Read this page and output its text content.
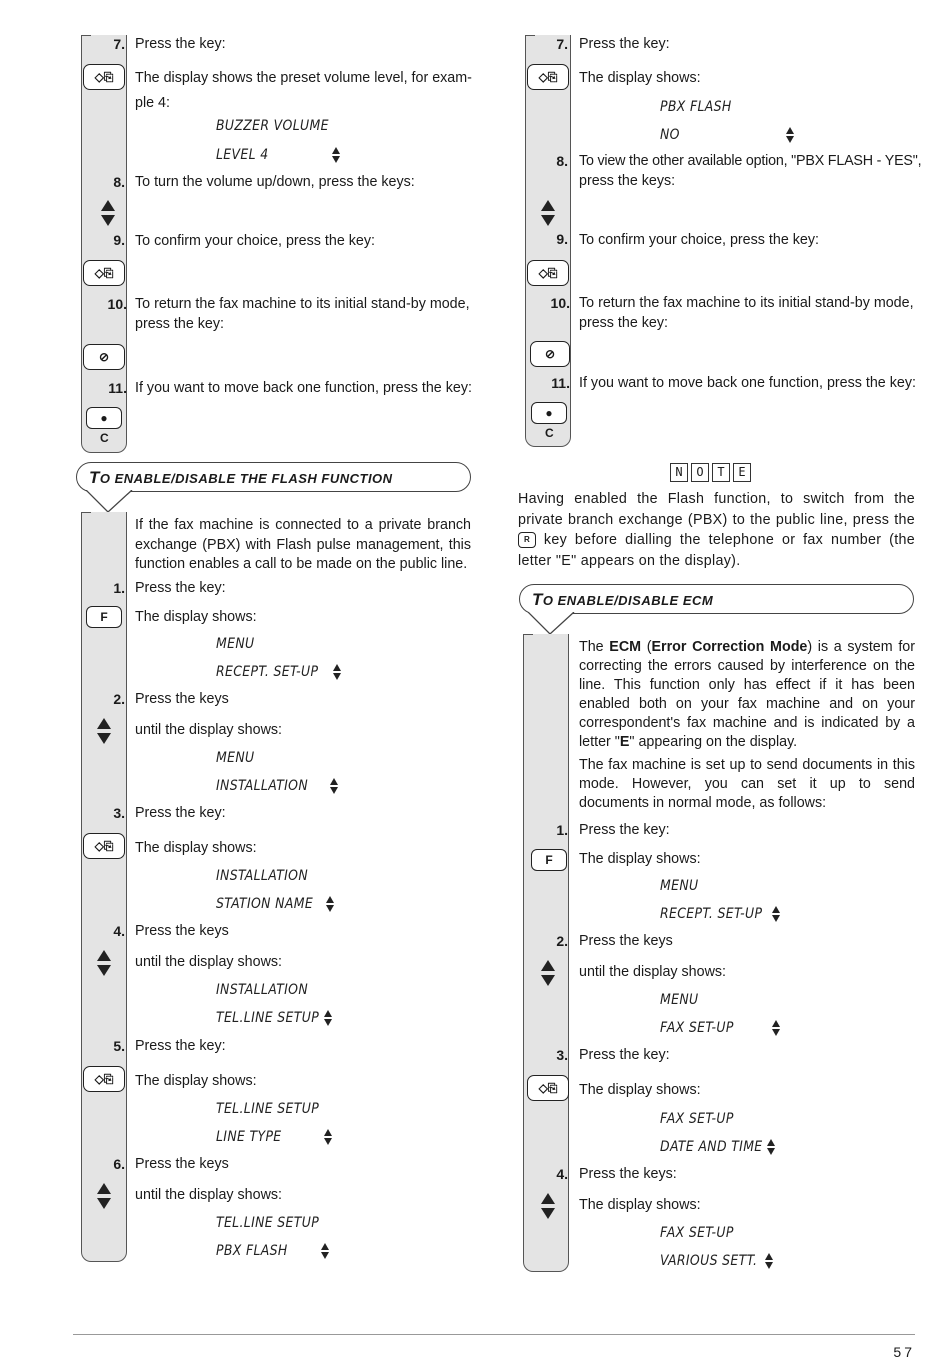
7. Press the key:
◇⎘	The display shows the preset volume level, for exam-
ple 4:
BUZZER VOLUME
LEVEL 4
8. To turn the volume up/down, press the keys:
9. To confirm your choice, press the key:
◇⎘
10. To return the fax machine to its initial stand-by mode,
press the key:
⊘
11. If you want to move back one function, press the key:
●
C
TO ENABLE/DISABLE THE FLASH FUNCTION
If the fax machine is connected to a private branch exchange (PBX) with Flash pulse management, this function enables a call to be made on the public line.
1. Press the key:
F	The display shows:
MENU
RECEPT. SET-UP
2. Press the keys
until the display shows:
MENU
INSTALLATION
3. Press the key:
◇⎘	The display shows:
INSTALLATION
STATION NAME
4. Press the keys
until the display shows:
INSTALLATION
TEL.LINE SETUP
5. Press the key:
◇⎘	The display shows:
TEL.LINE SETUP
LINE TYPE
6. Press the keys
until the display shows:
TEL.LINE SETUP
PBX FLASH
7. Press the key:
◇⎘	The display shows:
PBX FLASH
NO
8. To view the other available option, "PBX FLASH - YES",
press the keys:
9. To confirm your choice, press the key:
◇⎘
10. To return the fax machine to its initial stand-by mode,
press the key:
⊘
11. If you want to move back one function, press the key:
●
C
N O T E
Having enabled the Flash function, to switch from the private branch exchange (PBX) to the public line, press the R key before dialling the telephone or fax number (the letter "E" appears on the display).
TO ENABLE/DISABLE ECM
The ECM (Error Correction Mode) is a system for correcting the errors caused by interference on the line. This function only has effect if it has been enabled both on your fax machine and on your correspondent's fax machine and is indicated by a letter "E" appearing on the display.
The fax machine is set up to send documents in this mode. However, you can set it up to send documents in normal mode, as follows:
1. Press the key:
F	The display shows:
MENU
RECEPT. SET-UP
2. Press the keys
until the display shows:
MENU
FAX SET-UP
3. Press the key:
◇⎘	The display shows:
FAX SET-UP
DATE AND TIME
4. Press the keys:
The display shows:
FAX SET-UP
VARIOUS SETT.
57
